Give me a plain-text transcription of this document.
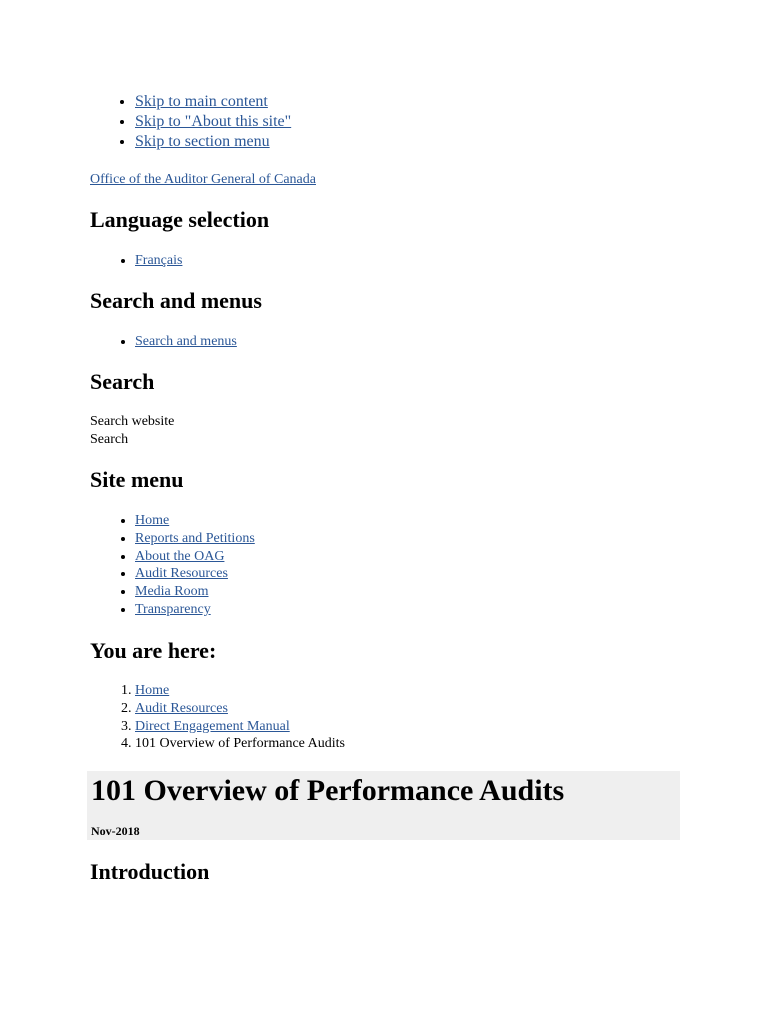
• Skip to main content
• Skip to "About this site"
• Skip to section menu
Office of the Auditor General of Canada
Language selection
• Français
Search and menus
• Search and menus
Search
Search website
Search
Site menu
• Home
• Reports and Petitions
• About the OAG
• Audit Resources
• Media Room
• Transparency
You are here:
1. Home
2. Audit Resources
3. Direct Engagement Manual
4. 101 Overview of Performance Audits
Introduction
101 Overview of Performance Audits
Nov-2018
